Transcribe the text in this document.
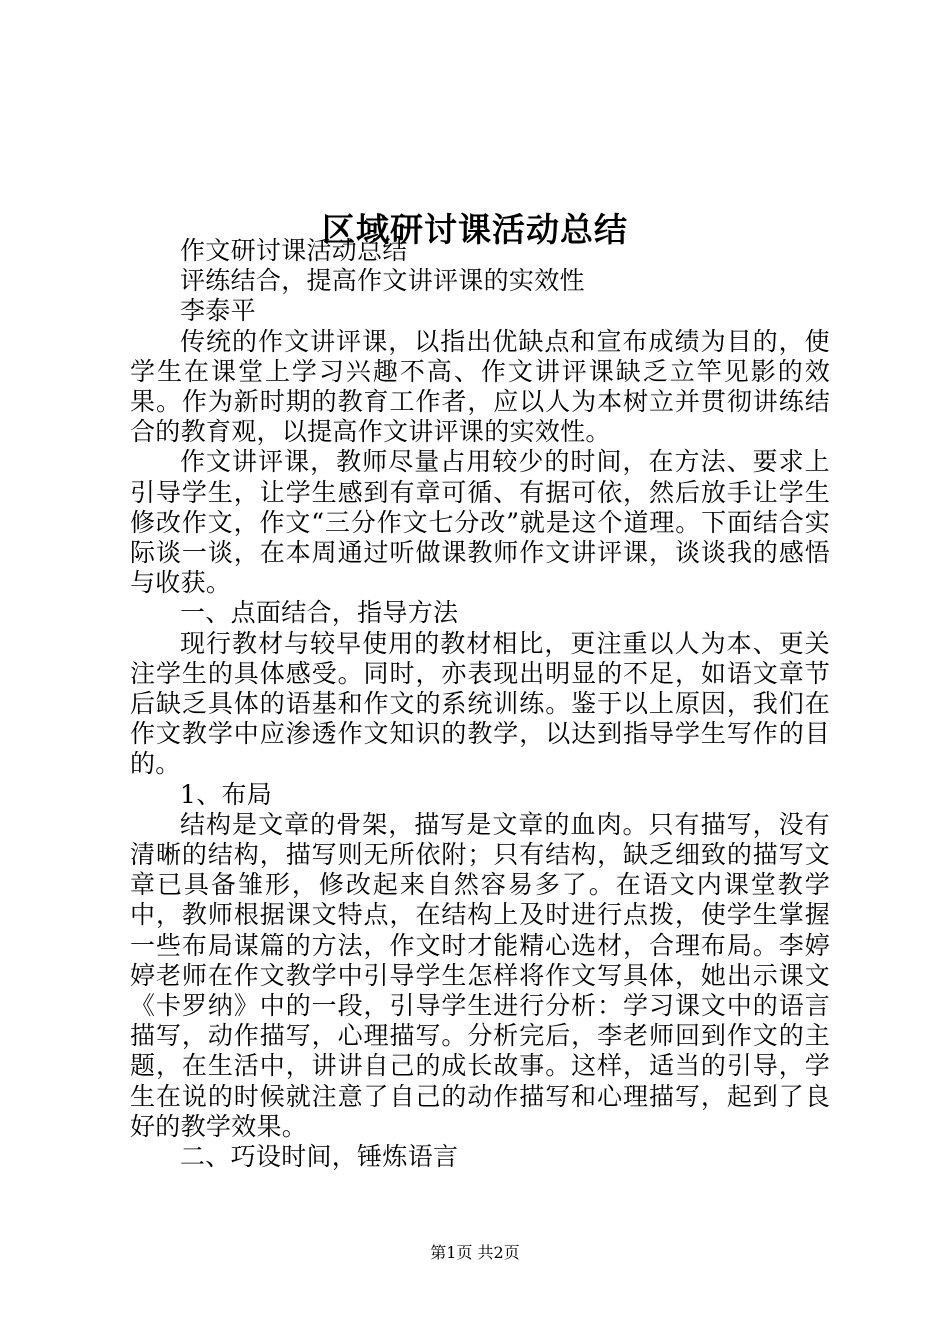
区域研讨课活动总结

作文研讨课活动总结

评练结合，提高作文讲评课的实效性

李泰平

传统的作文讲评课，以指出优缺点和宣布成绩为目的，使学生在课堂上学习兴趣不高、作文讲评课缺乏立竿见影的效果。作为新时期的教育工作者，应以人为本树立并贯彻讲练结合的教育观，以提高作文讲评课的实效性。

作文讲评课，教师尽量占用较少的时间，在方法、要求上引导学生，让学生感到有章可循、有据可依，然后放手让学生修改作文，作文“三分作文七分改”就是这个道理。下面结合实际谈一谈，在本周通过听做课教师作文讲评课，谈谈我的感悟与收获。

一、点面结合，指导方法

现行教材与较早使用的教材相比，更注重以人为本、更关注学生的具体感受。同时，亦表现出明显的不足，如语文章节后缺乏具体的语基和作文的系统训练。鉴于以上原因，我们在作文教学中应渗透作文知识的教学，以达到指导学生写作的目的。

1、布局

结构是文章的骨架，描写是文章的血肉。只有描写，没有清晰的结构，描写则无所依附；只有结构，缺乏细致的描写文章已具备雏形，修改起来自然容易多了。在语文内课堂教学中，教师根据课文特点，在结构上及时进行点拨，使学生掌握一些布局谋篇的方法，作文时才能精心选材，合理布局。李婷婷老师在作文教学中引导学生怎样将作文写具体，她出示课文《卡罗纳》中的一段，引导学生进行分析：学习课文中的语言描写，动作描写，心理描写。分析完后，李老师回到作文的主题，在生活中，讲讲自己的成长故事。这样，适当的引导，学生在说的时候就注意了自己的动作描写和心理描写，起到了良好的教学效果。

二、巧设时间，锤炼语言

第1页 共2页
